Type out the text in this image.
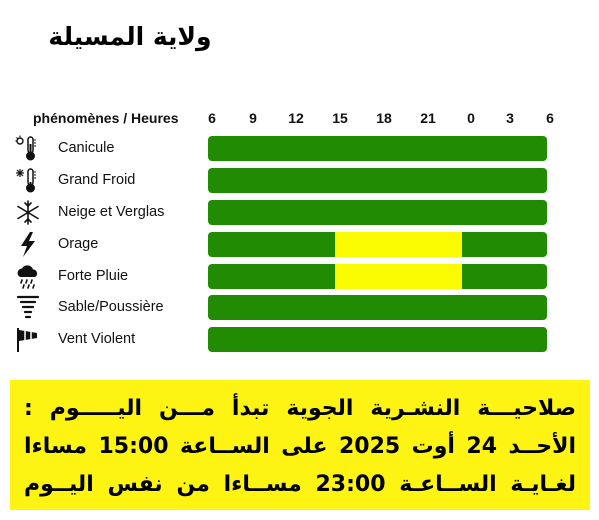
ولاية المسيلة
phénomènes / Heures	6	9	12	15	18	21	0	3	6
Canicule
Grand Froid
Neige et Verglas
Orage
Forte Pluie
Sable/Poussière
Vent Violent
صلاحيـــة النشـرية الجوية تبدأ مـــن اليـــــوم :
الأحــد 24 أوت 2025 على الســاعة 15:00 مساءا
لغـايـة الســاعـة 23:00 مســاءا من نفس اليــوم
